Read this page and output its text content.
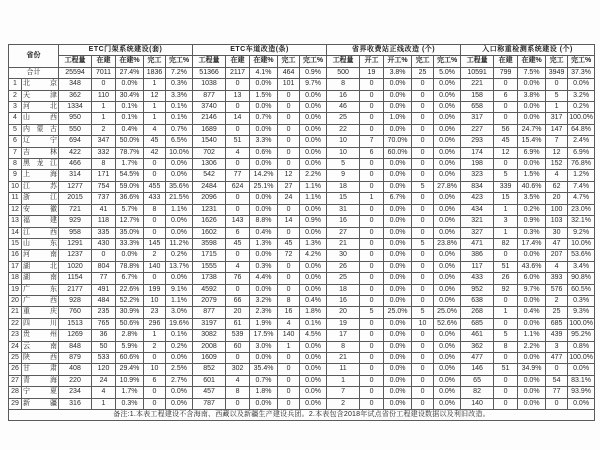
省份		ETC门架系统建设(套)					ETC车道改造(条)					省界收费站正线改造 (个)					入口称重检测系统建设 (个)				
		工程量	在建	在建%	完工	完工%	工程量	在建	在建%	完工	完工%	工程量	开工	开工%	完工	完工%	工程量	在建	在建%	完工	完工%
合计		25594	7011	27.4%	1836	7.2%	51366	2117	4.1%	464	0.9%	500	19	3.8%	25	5.0%	10591	799	7.5%	3949	37.3%
1	北京	348	0	0.0%	1	0.3%	1038	0	0.0%	101	9.7%	8	0	0.0%	0	0.0%	221	0	0.0%	0	0.0%
2	天津	362	110	30.4%	12	3.3%	877	13	1.5%	0	0.0%	16	0	0.0%	0	0.0%	158	6	3.8%	5	3.2%
3	河北	1334	1	0.1%	1	0.1%	3740	0	0.0%	0	0.0%	46	0	0.0%	0	0.0%	658	0	0.0%	1	0.2%
4	山西	950	1	0.1%	1	0.1%	2146	14	0.7%	0	0.0%	25	0	1.0%	0	0.0%	317	0	0.0%	317	100.0%
5	内蒙古	550	2	0.4%	4	0.7%	1689	0	0.0%	0	0.0%	22	0	0.0%	0	0.0%	227	56	24.7%	147	64.8%
6	辽宁	694	347	50.0%	45	6.5%	1540	51	3.3%	0	0.0%	10	7	70.0%	0	0.0%	293	45	15.4%	7	2.4%
7	吉林	422	332	78.7%	42	10.0%	702	4	0.6%	0	0.0%	10	6	60.0%	0	0.0%	174	12	6.9%	12	6.9%
8	黑龙江	466	8	1.7%	0	0.0%	1306	0	0.0%	0	0.0%	5	0	0.0%	0	0.0%	198	0	0.0%	152	76.8%
9	上海	314	171	54.5%	0	0.0%	542	77	14.2%	12	2.2%	9	0	0.0%	0	0.0%	323	5	1.5%	4	1.2%
10	江苏	1277	754	59.0%	455	35.6%	2484	624	25.1%	27	1.1%	18	0	0.0%	5	27.8%	834	339	40.6%	62	7.4%
11	浙江	2015	737	36.6%	433	21.5%	2096	0	0.0%	24	1.1%	15	1	6.7%	0	0.0%	423	15	3.5%	20	4.7%
12	安徽	721	41	5.7%	8	1.1%	1231	0	0.0%	0	0.0%	31	0	0.0%	0	0.0%	434	1	0.2%	100	23.0%
13	福建	929	118	12.7%	0	0.0%	1626	143	8.8%	14	0.9%	16	0	0.0%	0	0.0%	321	3	0.9%	103	32.1%
14	江西	958	335	35.0%	0	0.0%	1602	6	0.4%	0	0.0%	27	0	0.0%	0	0.0%	327	1	0.3%	30	9.2%
15	山东	1291	430	33.3%	145	11.2%	3598	45	1.3%	45	1.3%	21	0	0.0%	5	23.8%	471	82	17.4%	47	10.0%
16	河南	1237	0	0.0%	2	0.2%	1715	0	0.0%	72	4.2%	30	0	0.0%	0	0.0%	386	0	0.0%	207	53.6%
17	湖北	1020	804	78.8%	140	13.7%	1555	4	0.3%	0	0.0%	26	0	0.0%	0	0.0%	117	51	43.6%	4	3.4%
18	湖南	1154	77	6.7%	0	0.0%	1738	76	4.4%	0	0.0%	25	0	0.0%	0	0.0%	433	26	6.0%	393	90.8%
19	广东	2177	491	22.6%	199	9.1%	4592	0	0.0%	0	0.0%	18	0	0.0%	0	0.0%	952	92	9.7%	576	60.5%
20	广西	928	484	52.2%	10	1.1%	2079	66	3.2%	8	0.4%	16	0	0.0%	0	0.0%	638	0	0.0%	2	0.3%
21	重庆	760	235	30.9%	23	3.0%	877	20	2.3%	16	1.8%	20	5	25.0%	5	25.0%	268	1	0.4%	25	9.3%
22	四川	1513	765	50.6%	296	19.6%	3197	61	1.9%	4	0.1%	19	0	0.0%	10	52.6%	685	0	0.0%	685	100.0%
23	贵州	1269	36	2.8%	1	0.1%	3082	539	17.5%	140	4.5%	17	0	0.0%	0	0.0%	461	5	1.1%	439	95.2%
24	云南	848	50	5.9%	2	0.2%	2008	60	3.0%	1	0.0%	8	0	0.0%	0	0.0%	362	8	2.2%	3	0.8%
25	陕西	879	533	60.6%	0	0.0%	1609	0	0.0%	0	0.0%	21	0	0.0%	0	0.0%	477	0	0.0%	477	100.0%
26	甘肃	408	120	29.4%	10	2.5%	852	302	35.4%	0	0.0%	11	0	0.0%	0	0.0%	146	51	34.9%	0	0.0%
27	青海	220	24	10.9%	6	2.7%	601	4	0.7%	0	0.0%	1	0	0.0%	0	0.0%	65	0	0.0%	54	83.1%
28	宁夏	234	4	1.7%	0	0.0%	457	8	1.8%	0	0.0%	7	0	0.0%	0	0.0%	82	0	0.0%	77	93.9%
29	新疆	316	1	0.3%	0	0.0%	787	0	0.0%	0	0.0%	2	0	0.0%	0	0.0%	140	0	0.0%	0	0.0%
备注:1.本表工程建设不含海南、西藏以及新疆生产建设兵团。2.本表包含2018年试点省份工程建设数据以及利旧改造。																					
